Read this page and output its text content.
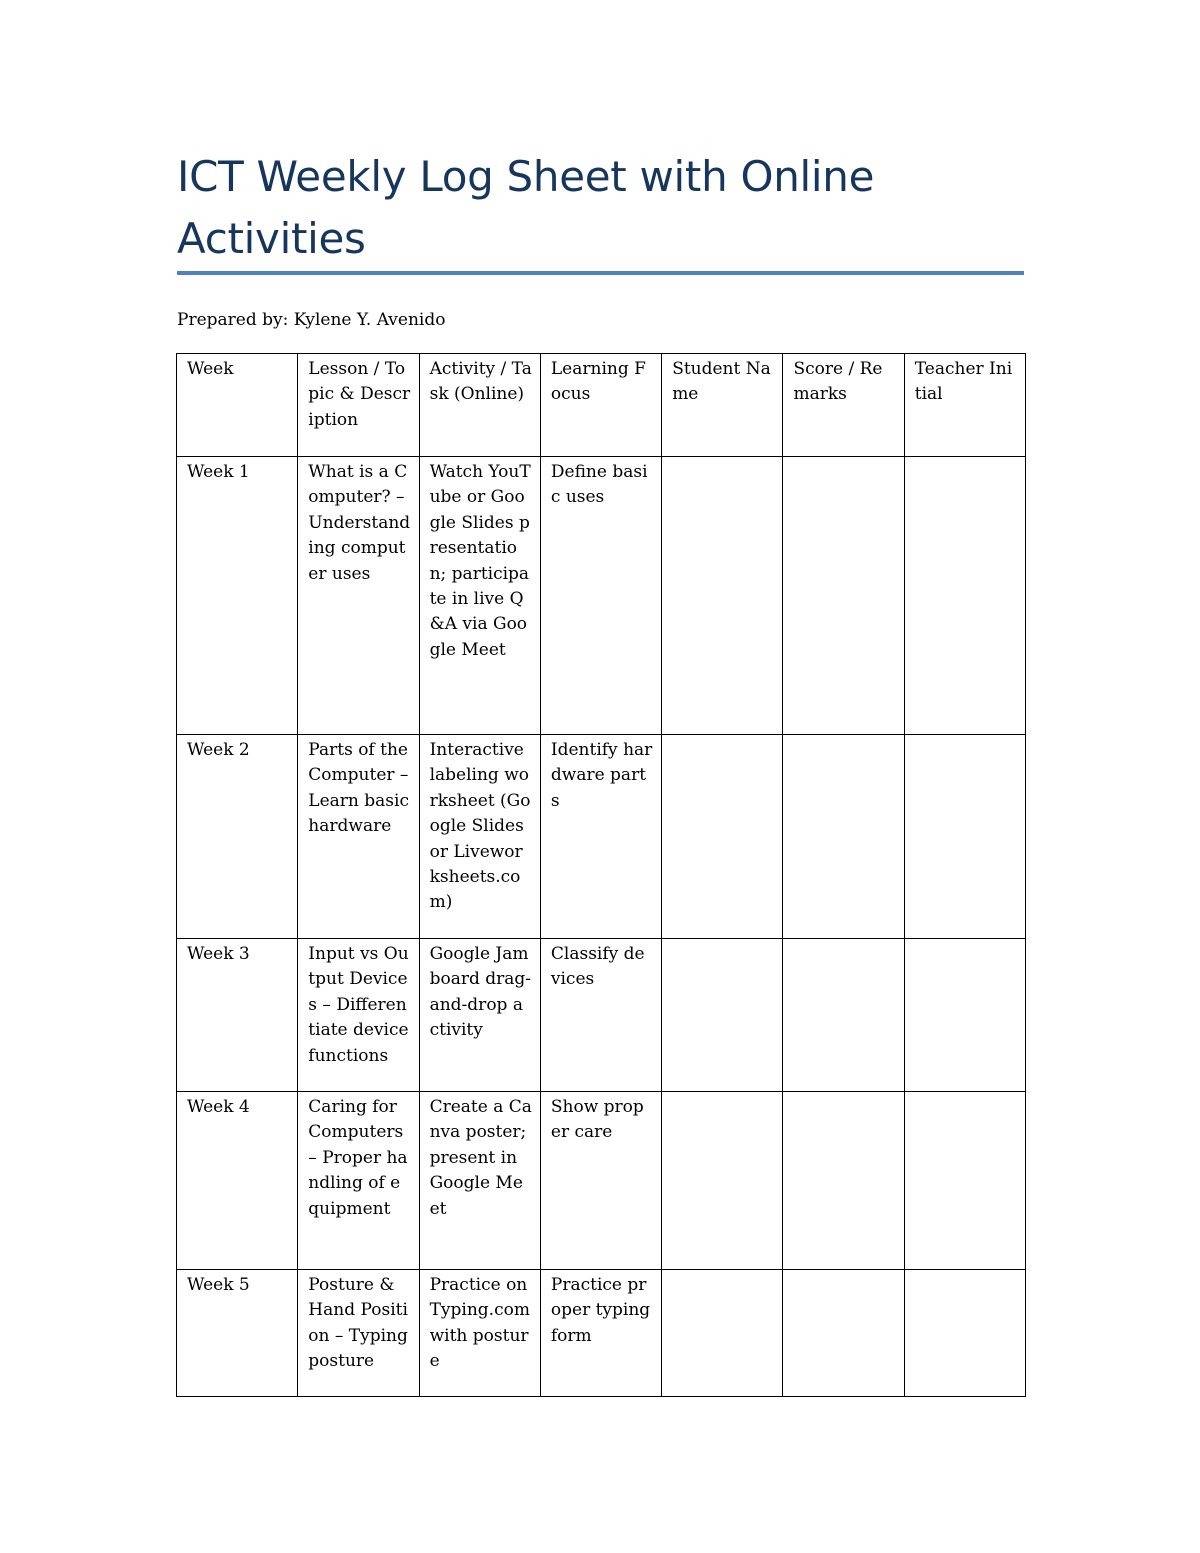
ICT Weekly Log Sheet with Online Activities

Prepared by: Kylene Y. Avenido

Week	Lesson / Topic & Description	Activity / Task (Online)	Learning Focus	Student Name	Score / Remarks	Teacher Initial
Week 1	What is a Computer? – Understanding computer uses	Watch YouTube or Google Slides presentation; participate in live Q&A via Google Meet	Define basic uses			
Week 2	Parts of the Computer – Learn basic hardware	Interactive labeling worksheet (Google Slides or Liveworksheets.com)	Identify hardware parts			
Week 3	Input vs Output Devices – Differentiate device functions	Google Jamboard drag-and-drop activity	Classify devices			
Week 4	Caring for Computers – Proper handling of equipment	Create a Canva poster; present in Google Meet	Show proper care			
Week 5	Posture & Hand Position – Typing posture	Practice on Typing.com with posture	Practice proper typing form			
